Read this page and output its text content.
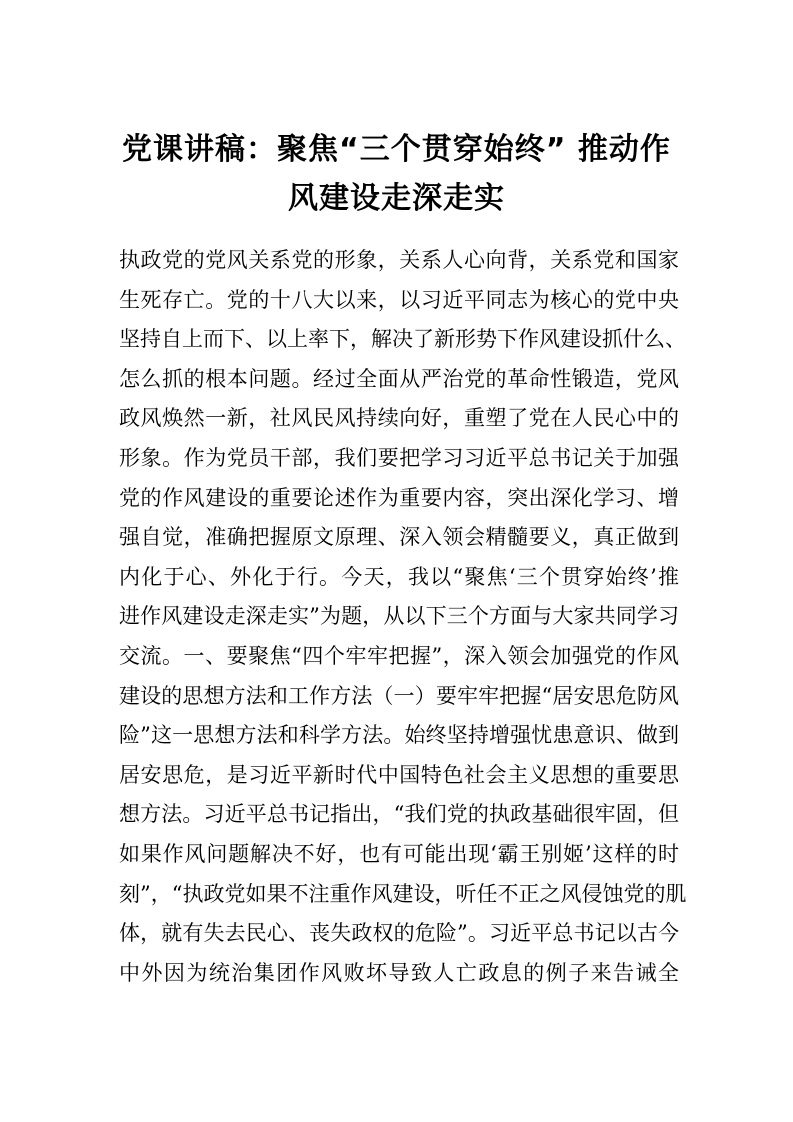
党课讲稿：聚焦“三个贯穿始终” 推动作
风建设走深走实
执政党的党风关系党的形象，关系人心向背，关系党和国家
生死存亡。党的十八大以来，以习近平同志为核心的党中央
坚持自上而下、以上率下，解决了新形势下作风建设抓什么、
怎么抓的根本问题。经过全面从严治党的革命性锻造，党风
政风焕然一新，社风民风持续向好，重塑了党在人民心中的
形象。作为党员干部，我们要把学习习近平总书记关于加强
党的作风建设的重要论述作为重要内容，突出深化学习、增
强自觉，准确把握原文原理、深入领会精髓要义，真正做到
内化于心、外化于行。今天，我以“聚焦‘三个贯穿始终’推
进作风建设走深走实”为题，从以下三个方面与大家共同学习
交流。一、要聚焦“四个牢牢把握”，深入领会加强党的作风
建设的思想方法和工作方法（一）要牢牢把握“居安思危防风
险”这一思想方法和科学方法。始终坚持增强忧患意识、做到
居安思危，是习近平新时代中国特色社会主义思想的重要思
想方法。习近平总书记指出，“我们党的执政基础很牢固，但
如果作风问题解决不好，也有可能出现‘霸王别姬’这样的时
刻”，“执政党如果不注重作风建设，听任不正之风侵蚀党的肌
体，就有失去民心、丧失政权的危险”。习近平总书记以古今
中外因为统治集团作风败坏导致人亡政息的例子来告诫全
